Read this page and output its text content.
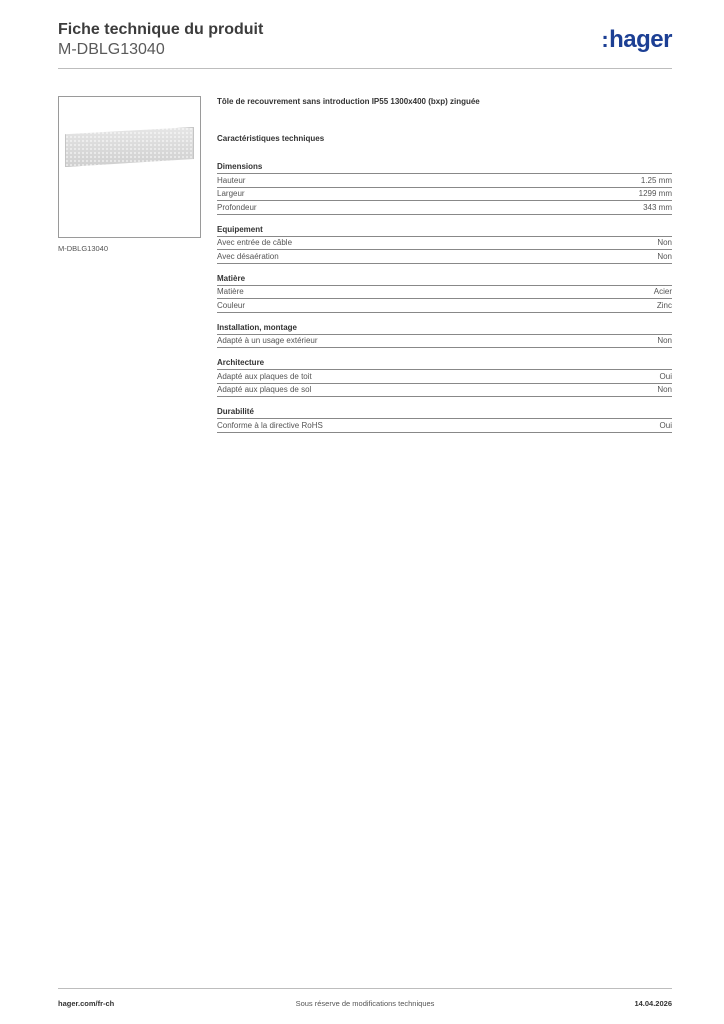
Fiche technique du produit
M-DBLG13040	:hager
M-DBLG13040
Tôle de recouvrement sans introduction IP55 1300x400 (bxp) zinguée
Caractéristiques techniques
Dimensions
Hauteur	1.25 mm
Largeur	1299 mm
Profondeur	343 mm
Equipement
Avec entrée de câble	Non
Avec désaération	Non
Matière
Matière	Acier
Couleur	Zinc
Installation, montage
Adapté à un usage extérieur	Non
Architecture
Adapté aux plaques de toit	Oui
Adapté aux plaques de sol	Non
Durabilité
Conforme à la directive RoHS	Oui
hager.com/fr-ch	Sous réserve de modifications techniques	14.04.2026
